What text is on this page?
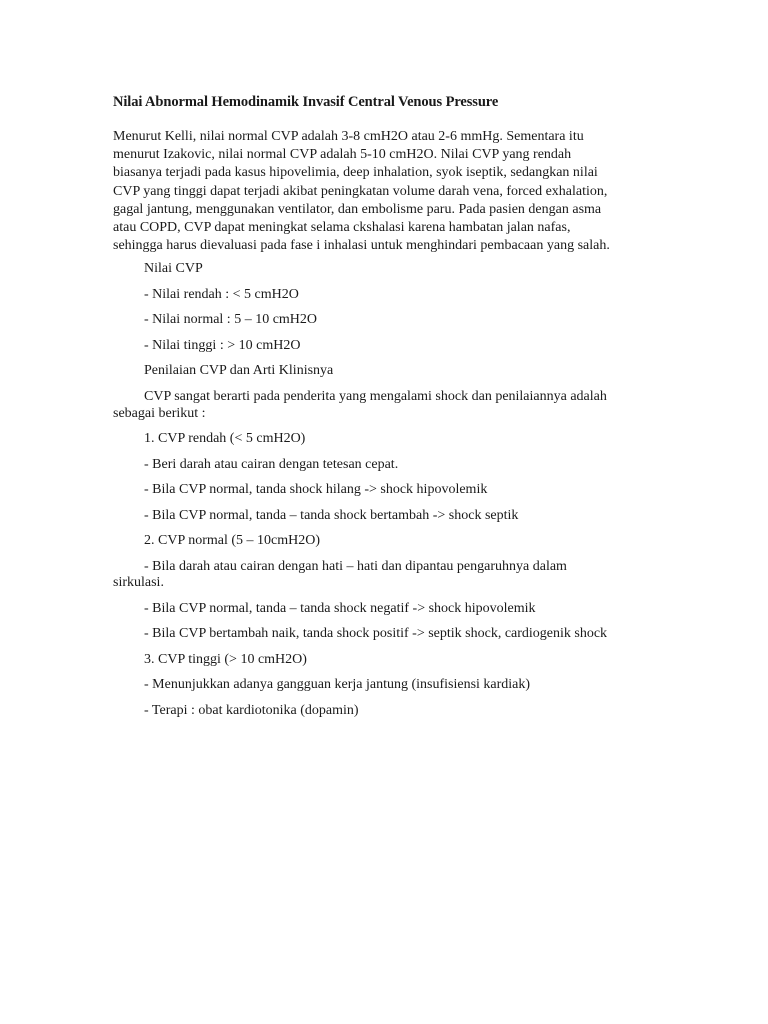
Nilai Abnormal Hemodinamik Invasif Central Venous Pressure

Menurut Kelli, nilai normal CVP adalah 3-8 cmH2O atau 2-6 mmHg. Sementara itu
menurut Izakovic, nilai normal CVP adalah 5-10 cmH2O. Nilai CVP yang rendah
biasanya terjadi pada kasus hipovelimia, deep inhalation, syok iseptik, sedangkan nilai
CVP yang tinggi dapat terjadi akibat peningkatan volume darah vena, forced exhalation,
gagal jantung, menggunakan ventilator, dan embolisme paru. Pada pasien dengan asma
atau COPD, CVP dapat meningkat selama ckshalasi karena hambatan jalan nafas,
sehingga harus dievaluasi pada fase i inhalasi untuk menghindari pembacaan yang salah.

Nilai CVP

- Nilai rendah : < 5 cmH2O

- Nilai normal : 5 – 10 cmH2O

- Nilai tinggi : > 10 cmH2O

Penilaian CVP dan Arti Klinisnya

CVP sangat berarti pada penderita yang mengalami shock dan penilaiannya adalah
sebagai berikut :

1. CVP rendah (< 5 cmH2O)

- Beri darah atau cairan dengan tetesan cepat.

- Bila CVP normal, tanda shock hilang -> shock hipovolemik

- Bila CVP normal, tanda – tanda shock bertambah -> shock septik

2. CVP normal (5 – 10cmH2O)

- Bila darah atau cairan dengan hati – hati dan dipantau pengaruhnya dalam
sirkulasi.

- Bila CVP normal, tanda – tanda shock negatif -> shock hipovolemik

- Bila CVP bertambah naik, tanda shock positif -> septik shock, cardiogenik shock

3. CVP tinggi (> 10 cmH2O)

- Menunjukkan adanya gangguan kerja jantung (insufisiensi kardiak)

- Terapi : obat kardiotonika (dopamin)
